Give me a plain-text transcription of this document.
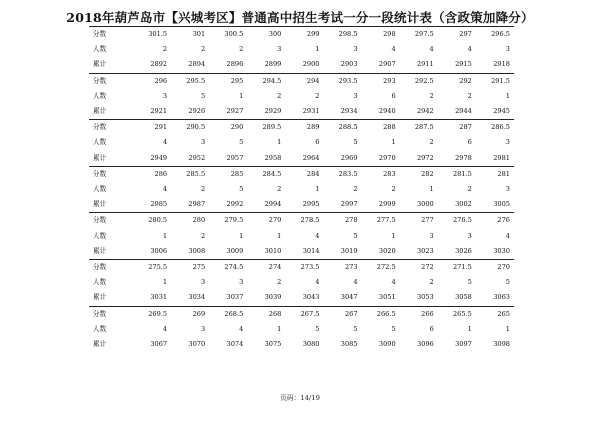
2018年葫芦岛市【兴城考区】普通高中招生考试一分一段统计表（含政策加降分）
分数	301.5	301	300.5	300	299	298.5	298	297.5	297	296.5
人数	2	2	2	3	1	3	4	4	4	3
累计	2892	2894	2896	2899	2900	2903	2907	2911	2915	2918
分数	296	295.5	295	294.5	294	293.5	293	292.5	292	291.5
人数	3	5	1	2	2	3	6	2	2	1
累计	2921	2926	2927	2929	2931	2934	2940	2942	2944	2945
分数	291	290.5	290	289.5	289	288.5	288	287.5	287	286.5
人数	4	3	5	1	6	5	1	2	6	3
累计	2949	2952	2957	2958	2964	2969	2970	2972	2978	2981
分数	286	285.5	285	284.5	284	283.5	283	282	281.5	281
人数	4	2	5	2	1	2	2	1	2	3
累计	2985	2987	2992	2994	2995	2997	2999	3000	3002	3005
分数	280.5	280	279.5	279	278.5	278	277.5	277	276.5	276
人数	1	2	1	1	4	5	1	3	3	4
累计	3006	3008	3009	3010	3014	3019	3020	3023	3026	3030
分数	275.5	275	274.5	274	273.5	273	272.5	272	271.5	270
人数	1	3	3	2	4	4	4	2	5	5
累计	3031	3034	3037	3039	3043	3047	3051	3053	3058	3063
分数	269.5	269	268.5	268	267.5	267	266.5	266	265.5	265
人数	4	3	4	1	5	5	5	6	1	1
累计	3067	3070	3074	3075	3080	3085	3090	3096	3097	3098
页码：14/19
